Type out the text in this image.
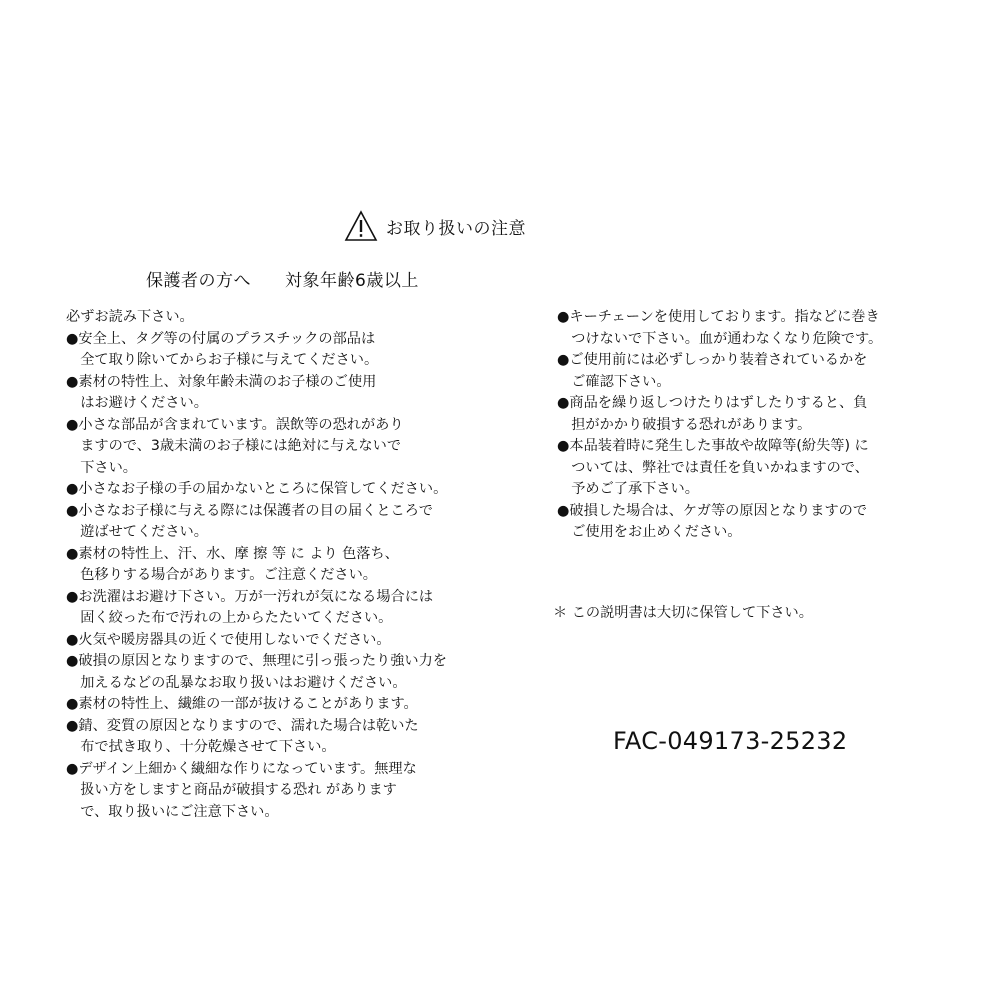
お取り扱いの注意
保護者の方へ 対象年齢6歳以上
必ずお読み下さい。
●安全上、タグ等の付属のプラスチックの部品は
　全て取り除いてからお子様に与えてください。
●素材の特性上、対象年齢未満のお子様のご使用
　はお避けください。
●小さな部品が含まれています。誤飲等の恐れがあり
　ますので、3歳未満のお子様には絶対に与えないで
　下さい。
●小さなお子様の手の届かないところに保管してください。
●小さなお子様に与える際には保護者の目の届くところで
　遊ばせてください。
●素材の特性上、汗、水、摩 擦 等 に より 色落ち、
　色移りする場合があります。ご注意ください。
●お洗濯はお避け下さい。万が一汚れが気になる場合には
　固く絞った布で汚れの上からたたいてください。
●火気や暖房器具の近くで使用しないでください。
●破損の原因となりますので、無理に引っ張ったり強い力を
　加えるなどの乱暴なお取り扱いはお避けください。
●素材の特性上、繊維の一部が抜けることがあります。
●錆、変質の原因となりますので、濡れた場合は乾いた
　布で拭き取り、十分乾燥させて下さい。
●デザイン上細かく繊細な作りになっています。無理な
　扱い方をしますと商品が破損する恐れ があります
　で、取り扱いにご注意下さい。
●キーチェーンを使用しております。指などに巻き
　つけないで下さい。血が通わなくなり危険です。
●ご使用前には必ずしっかり装着されているかを
　ご確認下さい。
●商品を繰り返しつけたりはずしたりすると、負
　担がかかり破損する恐れがあります。
●本品装着時に発生した事故や故障等(紛失等) に
　ついては、弊社では責任を負いかねますので、
　予めご了承下さい。
●破損した場合は、ケガ等の原因となりますので
　ご使用をお止めください。
＊ この説明書は大切に保管して下さい。
FAC-049173-25232
